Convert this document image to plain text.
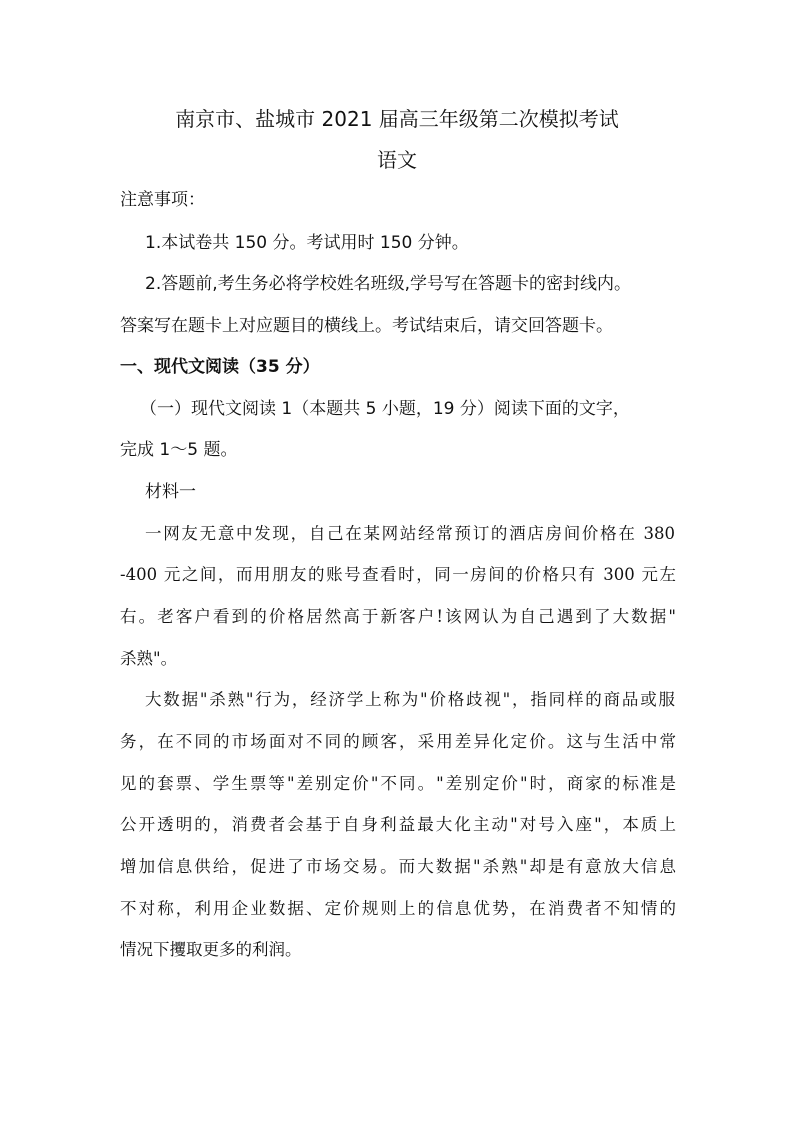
南京市、盐城市 2021 届高三年级第二次模拟考试
语文
注意事项：
1.本试卷共 150 分。考试用时 150 分钟。
2.答题前,考生务必将学校姓名班级,学号写在答题卡的密封线内。
答案写在题卡上对应题目的横线上。考试结束后，请交回答题卡。
一、现代文阅读（35 分）
（一）现代文阅读 1（本题共 5 小题，19 分）阅读下面的文字，
完成 1～5 题。
材料一
一网友无意中发现，自己在某网站经常预订的酒店房间价格在 380
-400 元之间，而用朋友的账号查看时，同一房间的价格只有 300 元左
右。老客户看到的价格居然高于新客户!该网认为自己遇到了大数据"
杀熟"。
大数据"杀熟"行为，经济学上称为"价格歧视"，指同样的商品或服
务，在不同的市场面对不同的顾客，采用差异化定价。这与生活中常
见的套票、学生票等"差别定价"不同。"差别定价"时，商家的标准是
公开透明的，消费者会基于自身利益最大化主动"对号入座"，本质上
增加信息供给，促进了市场交易。而大数据"杀熟"却是有意放大信息
不对称，利用企业数据、定价规则上的信息优势，在消费者不知情的
情况下攫取更多的利润。
